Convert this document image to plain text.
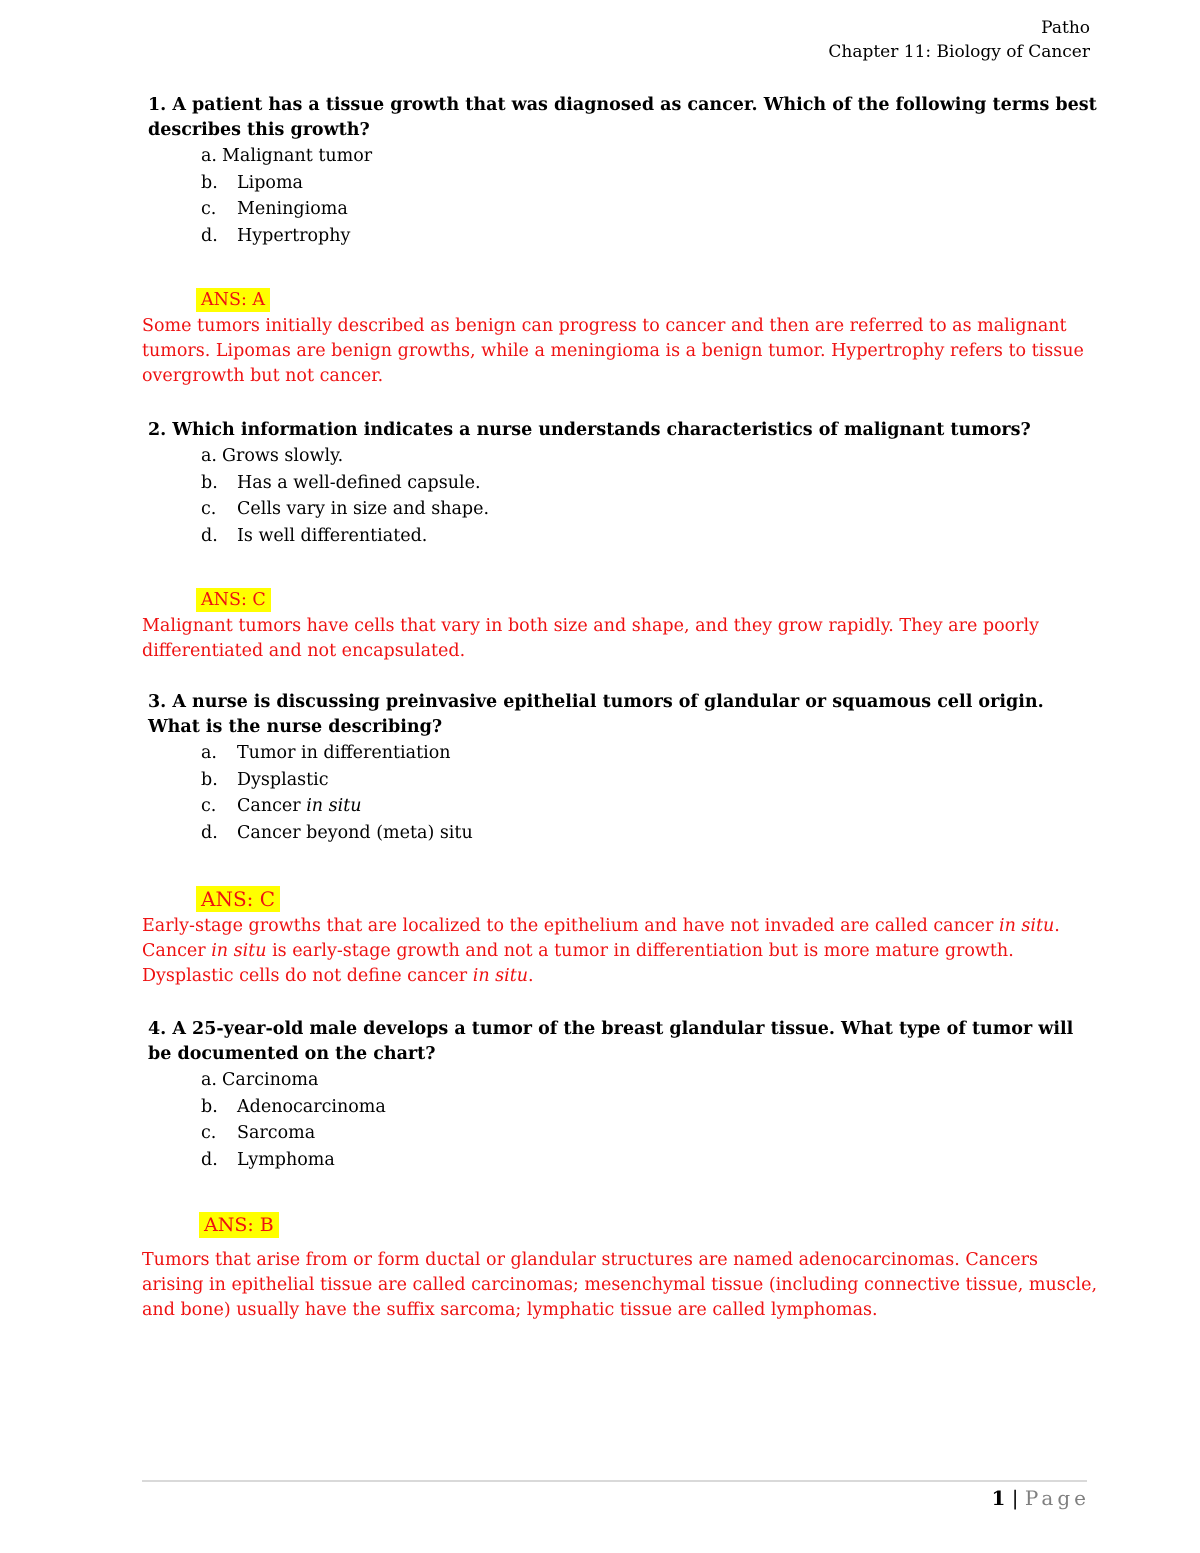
Patho
Chapter 11: Biology of Cancer

1. A patient has a tissue growth that was diagnosed as cancer. Which of the following terms best describes this growth?

a. Malignant tumor
b. Lipoma
c. Meningioma
d. Hypertrophy
ANS: A

Some tumors initially described as benign can progress to cancer and then are referred to as malignant tumors. Lipomas are benign growths, while a meningioma is a benign tumor. Hypertrophy refers to tissue overgrowth but not cancer.

2. Which information indicates a nurse understands characteristics of malignant tumors?

a. Grows slowly.
b. Has a well-defined capsule.
c. Cells vary in size and shape.
d. Is well differentiated.
ANS: C

Malignant tumors have cells that vary in both size and shape, and they grow rapidly. They are poorly differentiated and not encapsulated.

3. A nurse is discussing preinvasive epithelial tumors of glandular or squamous cell origin. What is the nurse describing?

a. Tumor in differentiation
b. Dysplastic
c. Cancer in situ
d. Cancer beyond (meta) situ
ANS: C

Early-stage growths that are localized to the epithelium and have not invaded are called cancer in situ. Cancer in situ is early-stage growth and not a tumor in differentiation but is more mature growth. Dysplastic cells do not define cancer in situ.

4. A 25-year-old male develops a tumor of the breast glandular tissue. What type of tumor will be documented on the chart?

a. Carcinoma
b. Adenocarcinoma
c. Sarcoma
d. Lymphoma
ANS: B

Tumors that arise from or form ductal or glandular structures are named adenocarcinomas. Cancers arising in epithelial tissue are called carcinomas; mesenchymal tissue (including connective tissue, muscle, and bone) usually have the suffix sarcoma; lymphatic tissue are called lymphomas.

1 | Page
